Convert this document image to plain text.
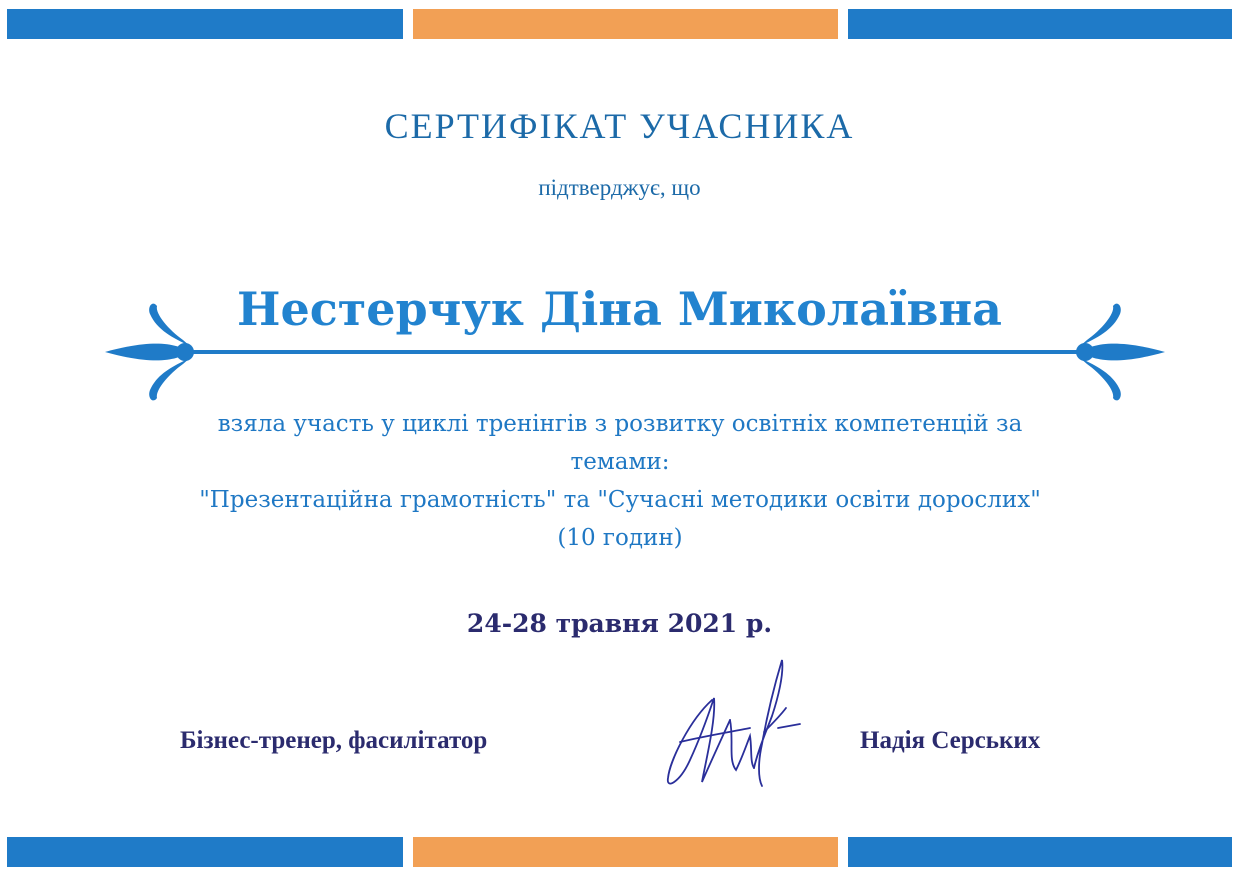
СЕРТИФІКАТ УЧАСНИКА
підтверджує, що
Нестерчук Діна Миколаївна
взяла участь у циклі тренінгів з розвитку освітніх компетенцій за
темами:
"Презентаційна грамотність" та "Сучасні методики освіти дорослих"
(10 годин)
24-28 травня 2021 р.
Бізнес-тренер, фасилітатор	Надія Серських
